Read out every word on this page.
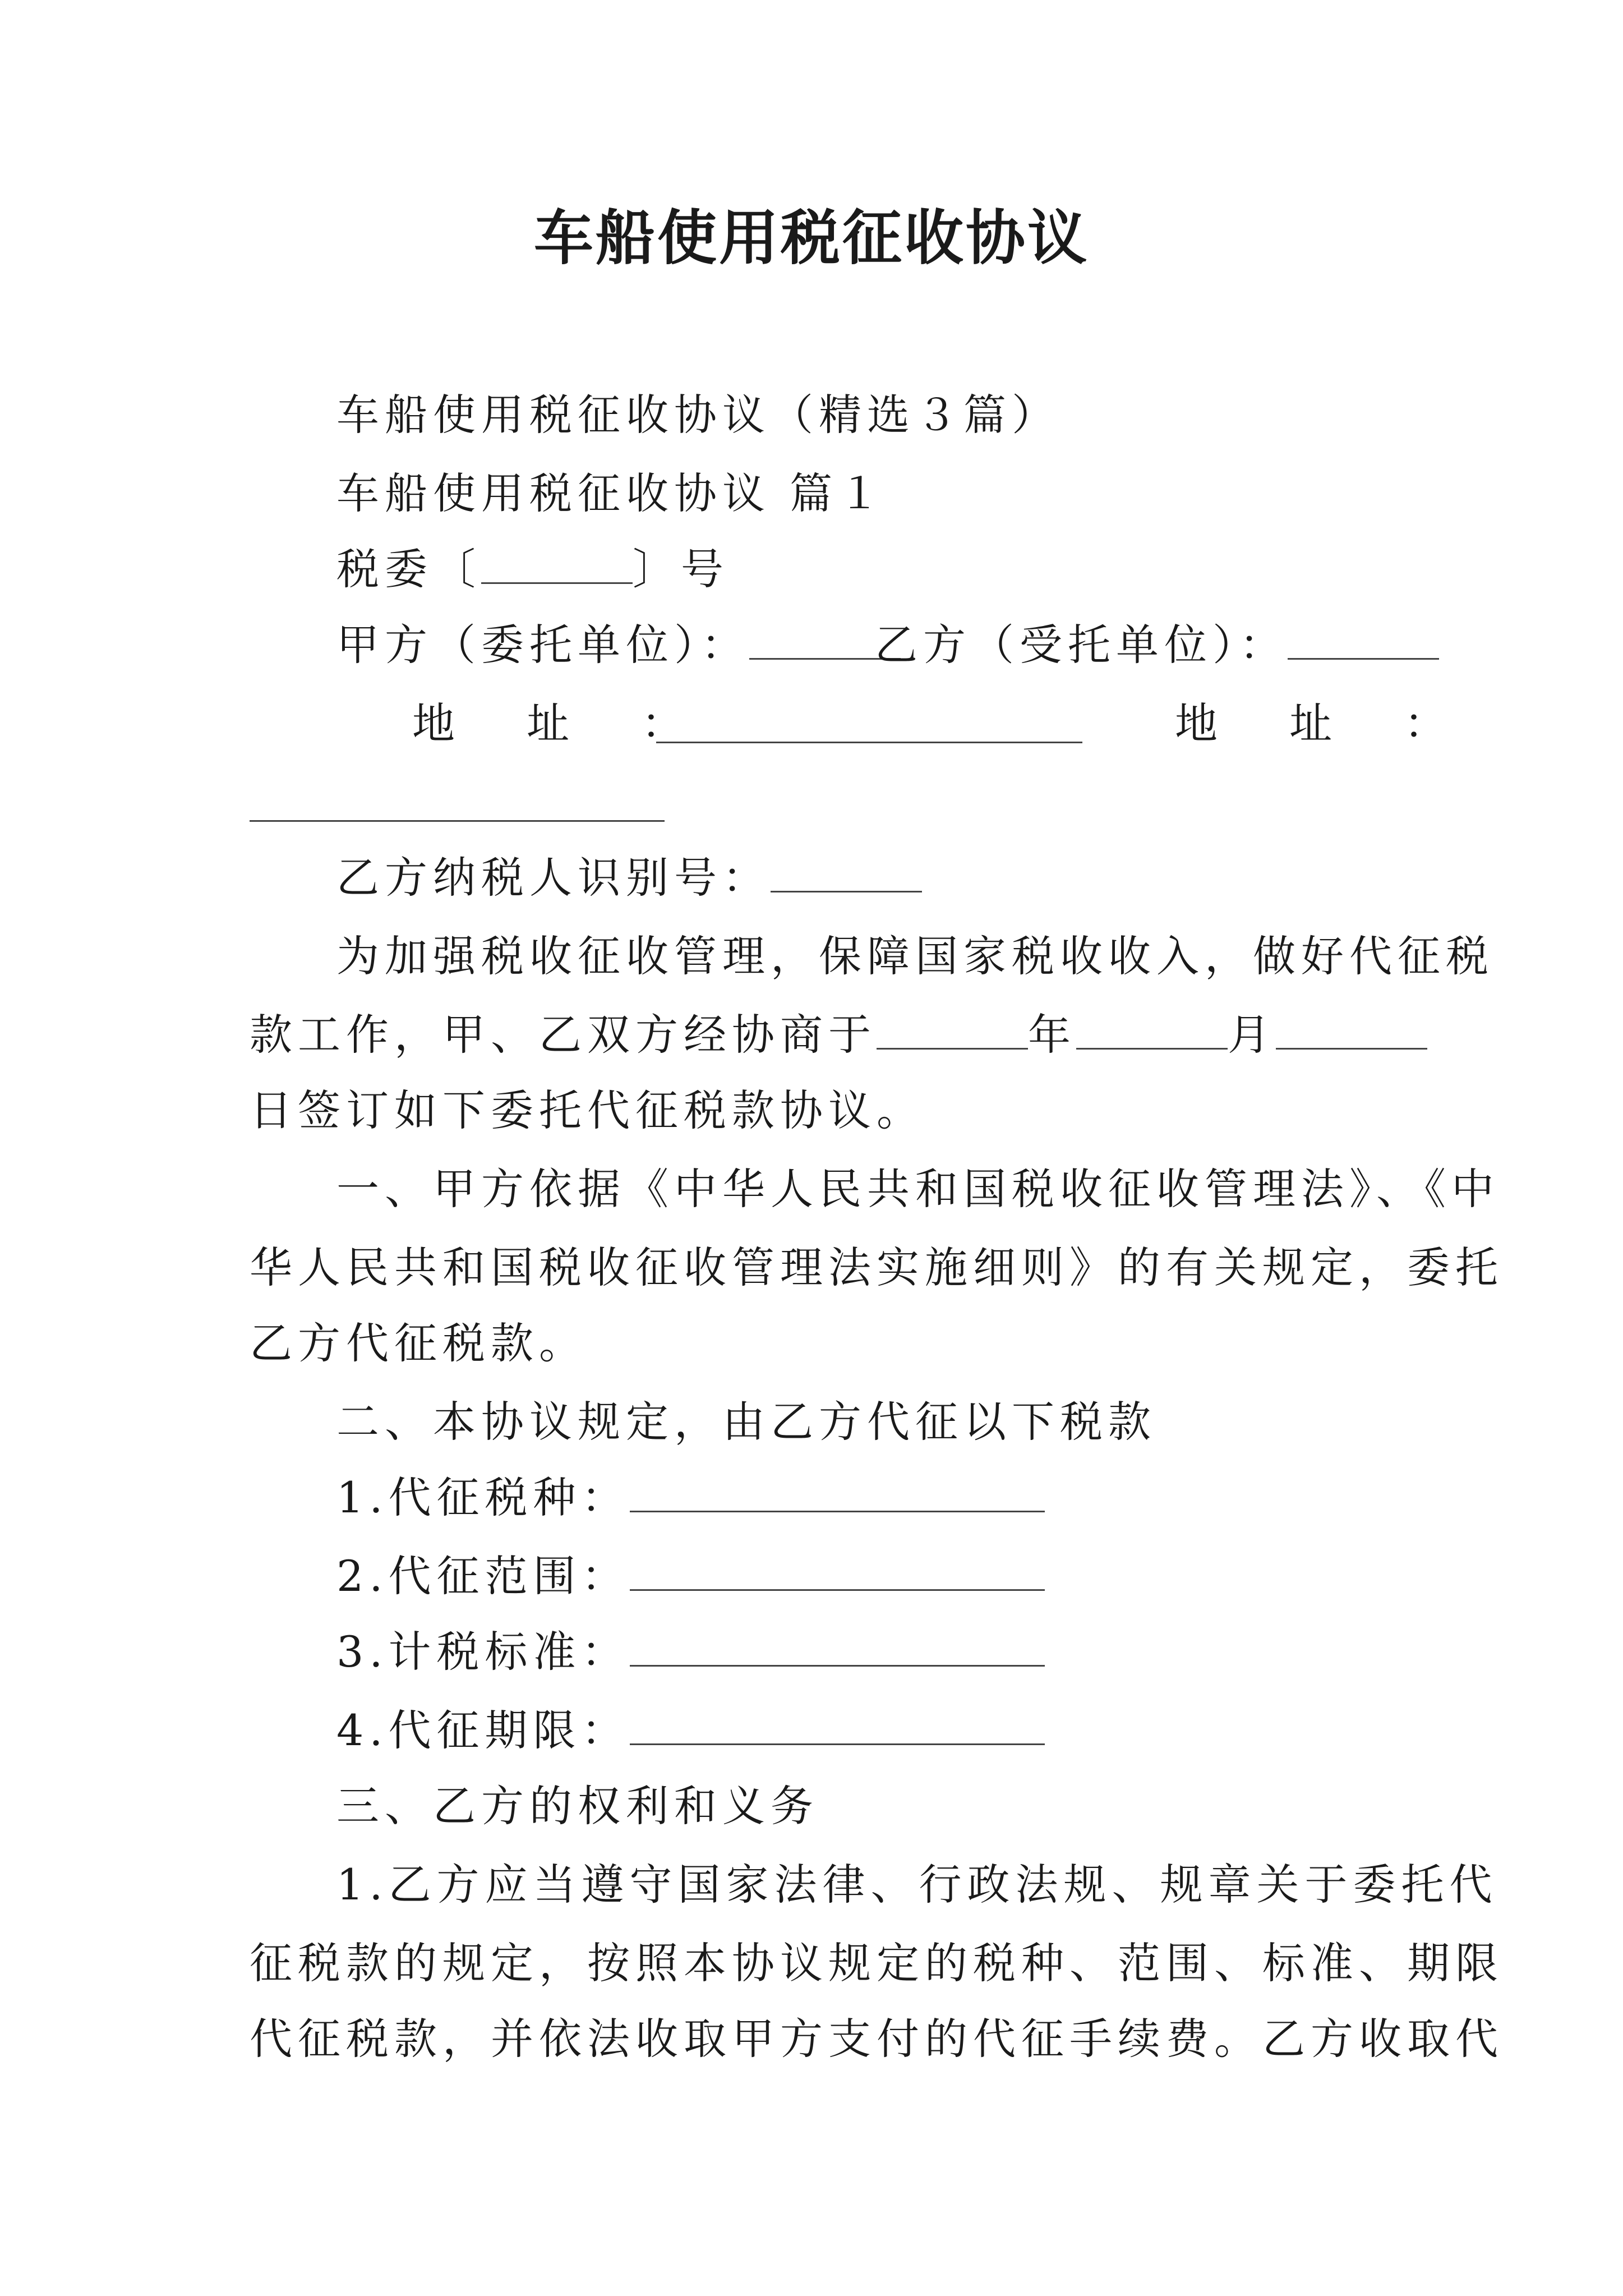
车船使用税征收协议
车船使用税征收协议（精选３篇）
车船使用税征收协议 篇１
税委〔	〕号
甲方（委托单位）：	乙方（受托单位）：
地 址 ：	地 址 ：
乙方纳税人识别号：
为加强税收征收管理，保障国家税收收入，做好代征税
款工作，甲、乙双方经协商于	年	月
日签订如下委托代征税款协议。
一、甲方依据《中华人民共和国税收征收管理法》、《中
华人民共和国税收征收管理法实施细则》的有关规定，委托
乙方代征税款。
二、本协议规定，由乙方代征以下税款
1.代征税种：
2.代征范围：
3.计税标准：
4.代征期限：
三、乙方的权利和义务
1.乙方应当遵守国家法律、行政法规、规章关于委托代
征税款的规定，按照本协议规定的税种、范围、标准、期限
代征税款，并依法收取甲方支付的代征手续费。乙方收取代
